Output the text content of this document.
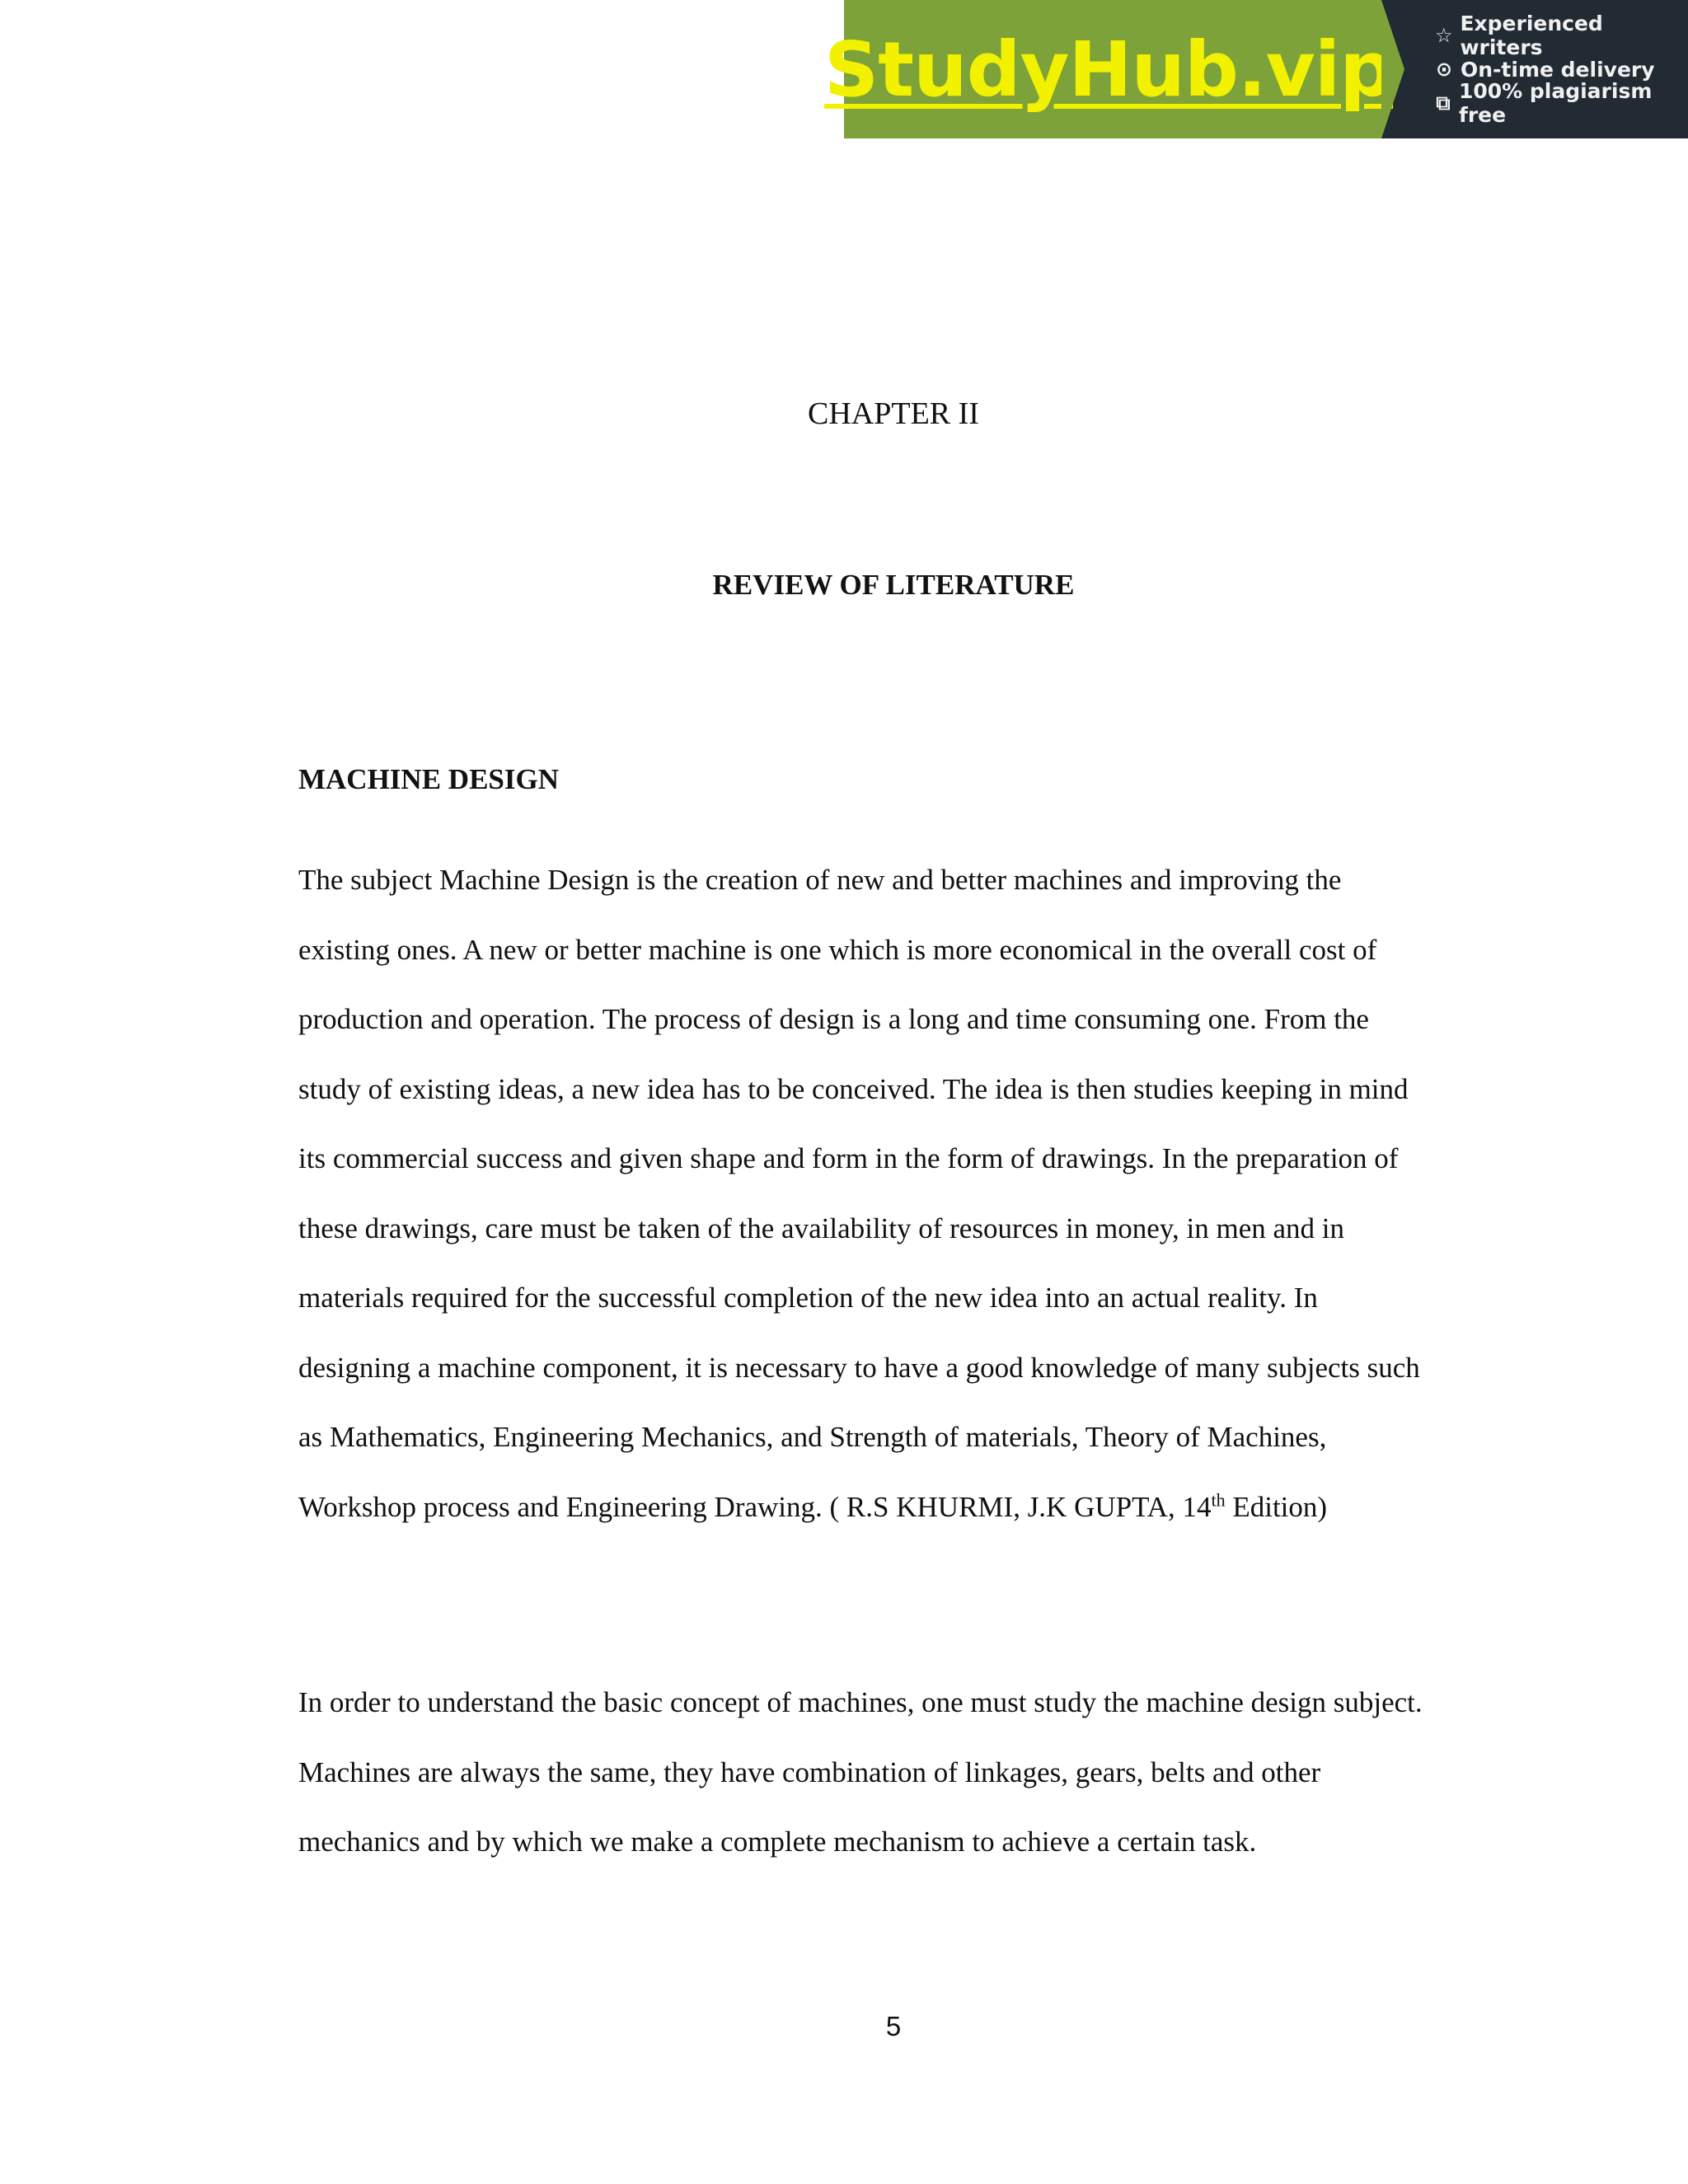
StudyHub.vip ☆ Experienced writers
⊙ On-time delivery
⧉ 100% plagiarism free
CHAPTER II
REVIEW OF LITERATURE
MACHINE DESIGN
The subject Machine Design is the creation of new and better machines and improving the
existing ones. A new or better machine is one which is more economical in the overall cost of
production and operation. The process of design is a long and time consuming one. From the
study of existing ideas, a new idea has to be conceived. The idea is then studies keeping in mind
its commercial success and given shape and form in the form of drawings. In the preparation of
these drawings, care must be taken of the availability of resources in money, in men and in
materials required for the successful completion of the new idea into an actual reality. In
designing a machine component, it is necessary to have a good knowledge of many subjects such
as Mathematics, Engineering Mechanics, and Strength of materials, Theory of Machines,
Workshop process and Engineering Drawing. ( R.S KHURMI, J.K GUPTA, 14th Edition)
In order to understand the basic concept of machines, one must study the machine design subject.
Machines are always the same, they have combination of linkages, gears, belts and other
mechanics and by which we make a complete mechanism to achieve a certain task.
5
